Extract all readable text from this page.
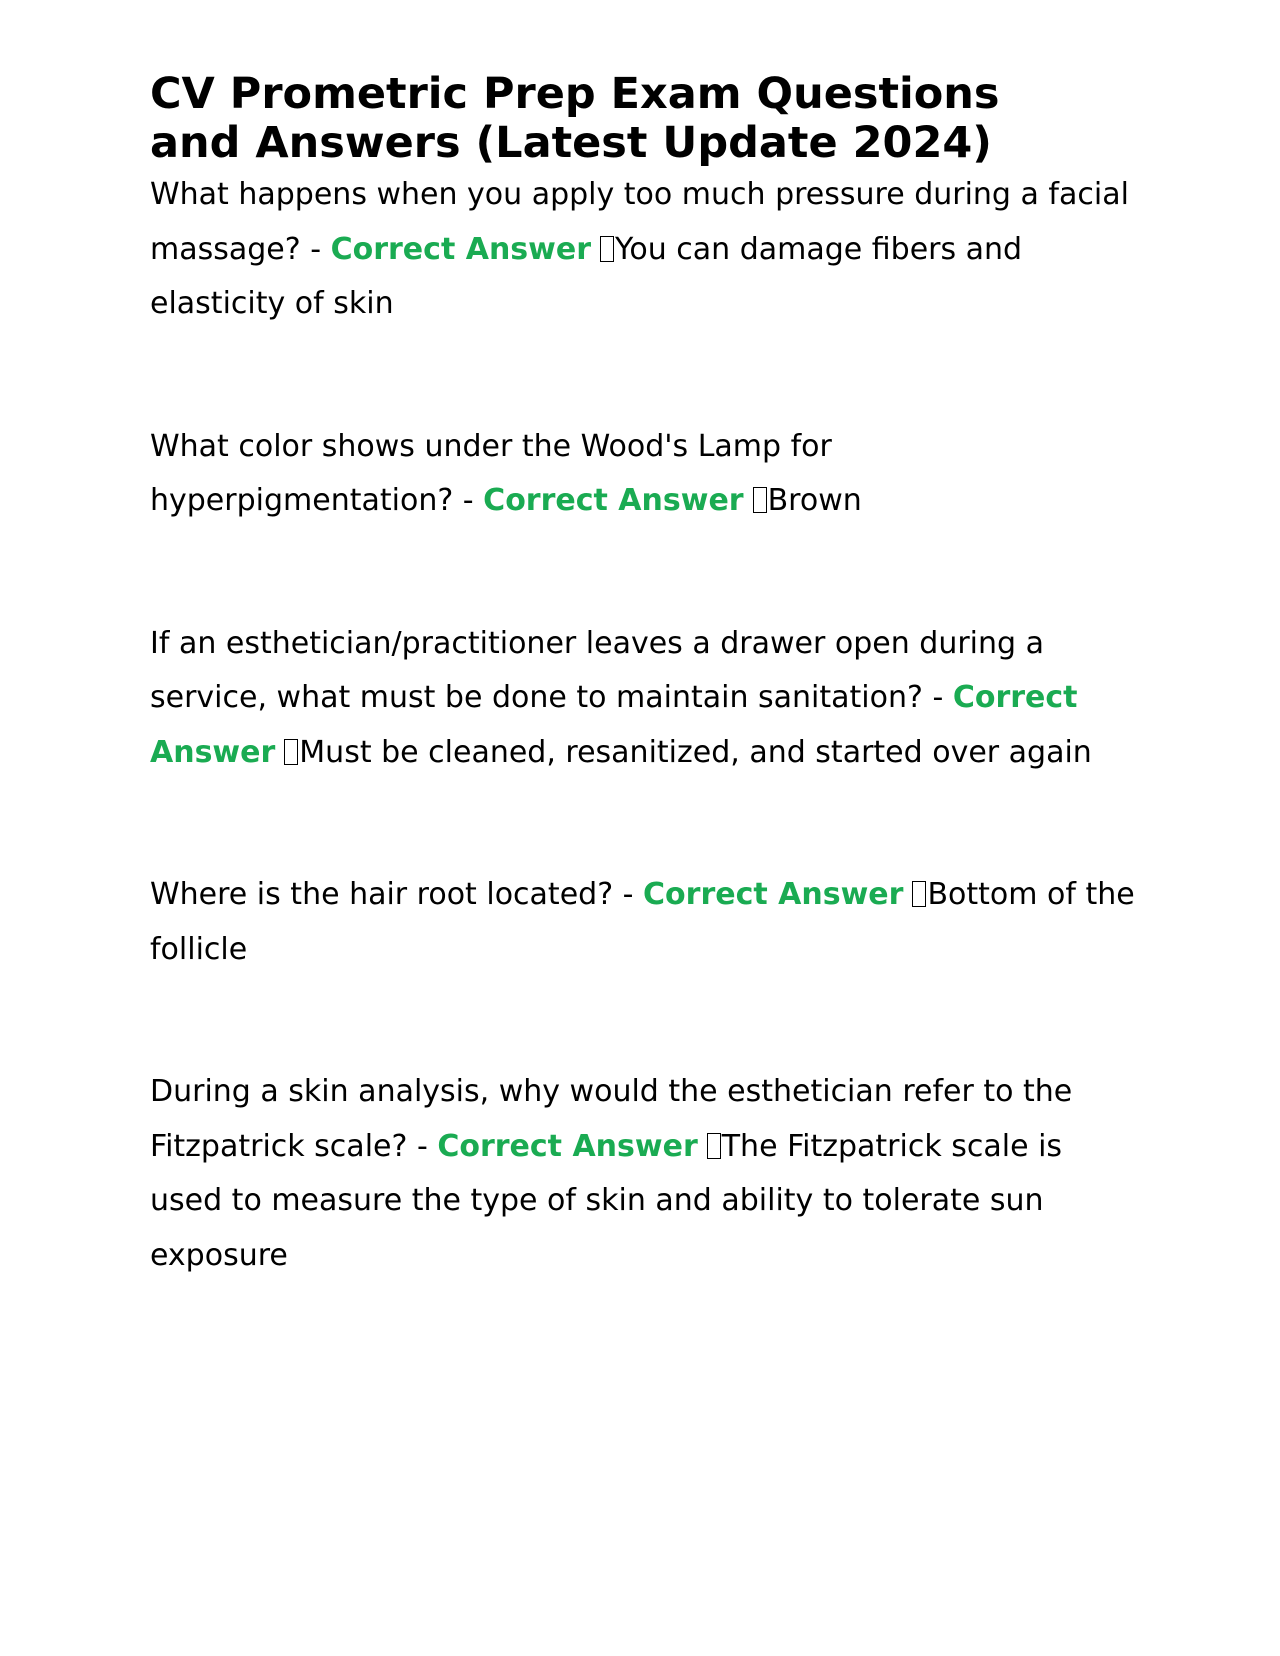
CV Prometric Prep Exam Questions and Answers (Latest Update 2024)

What happens when you apply too much pressure during a facial massage? - Correct Answer You can damage fibers and elasticity of skin

What color shows under the Wood's Lamp for hyperpigmentation? - Correct Answer Brown

If an esthetician/practitioner leaves a drawer open during a service, what must be done to maintain sanitation? - Correct Answer Must be cleaned, resanitized, and started over again

Where is the hair root located? - Correct Answer Bottom of the follicle

During a skin analysis, why would the esthetician refer to the Fitzpatrick scale? - Correct Answer The Fitzpatrick scale is used to measure the type of skin and ability to tolerate sun exposure
